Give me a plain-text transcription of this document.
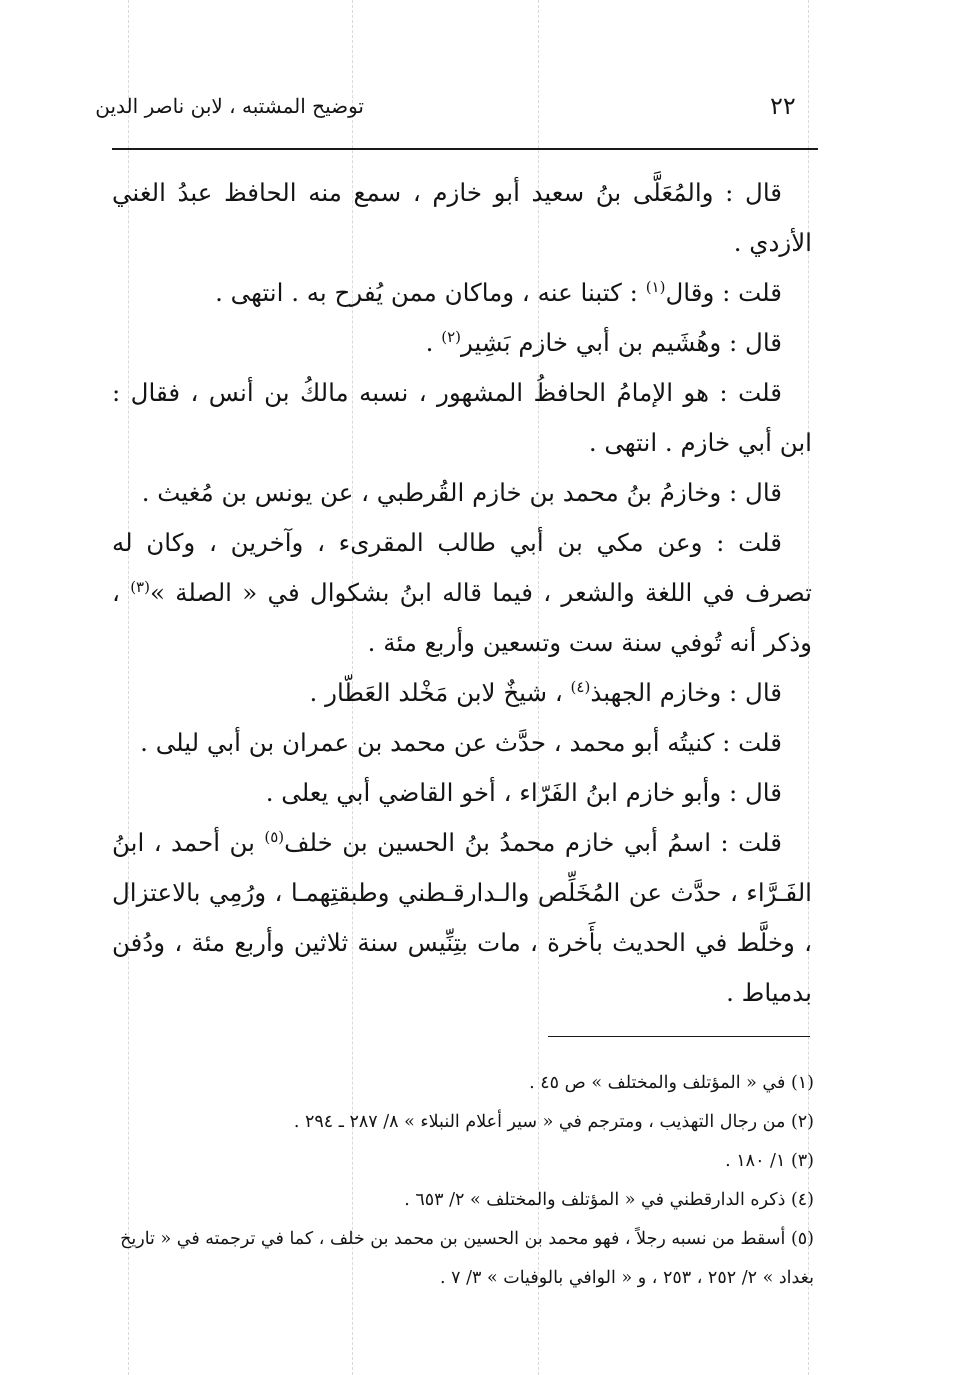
توضيح المشتبه ، لابن ناصر الدين	٢٢

قال : والمُعَلَّى بنُ سعيد أبو خازم ، سمع منه الحافظ عبدُ الغني الأزدي .

قلت : وقال$^{(١)}$ : كتبنا عنه ، وماكان ممن يُفرح به . انتهى .

قال : وهُشَيم بن أبي خازم بَشِير$^{(٢)}$ .

قلت : هو الإمامُ الحافظُ المشهور ، نسبه مالكُ بن أنس ، فقال : ابن أبي خازم . انتهى .

قال : وخازمُ بنُ محمد بن خازم القُرطبي ، عن يونس بن مُغيث .

قلت : وعن مكي بن أبي طالب المقرىء ، وآخرين ، وكان له تصرف في اللغة والشعر ، فيما قاله ابنُ بشكوال في « الصلة »$^{(٣)}$ ، وذكر أنه تُوفي سنة ست وتسعين وأربع مئة .

قال : وخازم الجهبذ$^{(٤)}$ ، شيخٌ لابن مَخْلد العَطّار .

قلت : كنيتُه أبو محمد ، حدَّث عن محمد بن عمران بن أبي ليلى .

قال : وأبو خازم ابنُ الفَرّاء ، أخو القاضي أبي يعلى .

قلت : اسمُ أبي خازم محمدُ بنُ الحسين بن خلف$^{(٥)}$ بن أحمد ، ابنُ الفَـرَّاء ، حدَّث عن المُخَلِّص والـدارقـطني وطبقتِهمـا ، ورُمِي بالاعتزال ، وخلَّط في الحديث بأَخرة ، مات بتِنِّيس سنة ثلاثين وأربع مئة ، ودُفن بدمياط .

(١) في « المؤتلف والمختلف » ص ٤٥ .

(٢) من رجال التهذيب ، ومترجم في « سير أعلام النبلاء » ٨/ ٢٨٧ ـ ٢٩٤ .

(٣) ١/ ١٨٠ .

(٤) ذكره الدارقطني في « المؤتلف والمختلف » ٢/ ٦٥٣ .

(٥) أسقط من نسبه رجلاً ، فهو محمد بن الحسين بن محمد بن خلف ، كما في ترجمته في « تاريخ بغداد » ٢/ ٢٥٢ ، ٢٥٣ ، و « الوافي بالوفيات » ٣/ ٧ .
